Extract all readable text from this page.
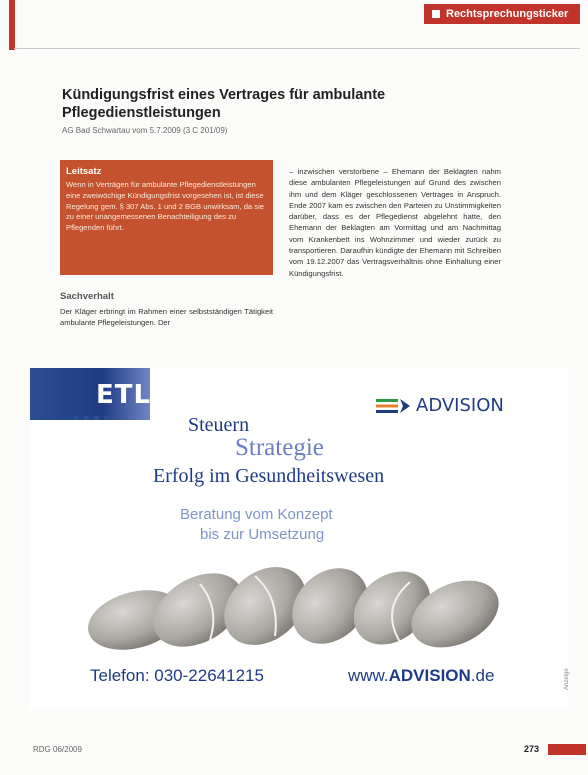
Rechtsprechungsticker
Kündigungsfrist eines Vertrages für ambulante Pflegedienstleistungen
AG Bad Schwartau vom 5.7.2009 (3 C 201/09)
Leitsatz

Wenn in Verträgen für ambulante Pflegedienstleistungen eine zweiwöchige Kündigungsfrist vorgesehen ist, ist diese Regelung gem. § 307 Abs. 1 und 2 BGB unwirksam, da sie zu einer unangemessenen Benachteiligung des zu Pflegenden führt.

Sachverhalt
Der Kläger erbringt im Rahmen einer selbstständigen Tätigkeit ambulante Pflegeleistungen. Der
– inzwischen verstorbene – Ehemann der Beklagten nahm diese ambulanten Pflegeleistungen auf Grund des zwischen ihm und dem Kläger geschlossenen Vertrages in Anspruch. Ende 2007 kam es zwischen den Parteien zu Unstimmigkeiten darüber, dass es der Pflegedienst abgelehnt hatte, den Ehemann der Beklagten am Vormittag und am Nachmittag vom Krankenbett ins Wohnzimmer und wieder zurück zu transportieren. Daraufhin kündigte der Ehemann mit Schreiben vom 19.12.2007 das Vertragsverhältnis ohne Einhaltung einer Kündigungsfrist.
ETL	ADVISION
Steuern
Strategie
Erfolg im Gesundheitswesen
Beratung vom Konzept
bis zur Umsetzung
Telefon: 030-22641215	www.ADVISION.de	Anzeige
RDG 06/2009	273
